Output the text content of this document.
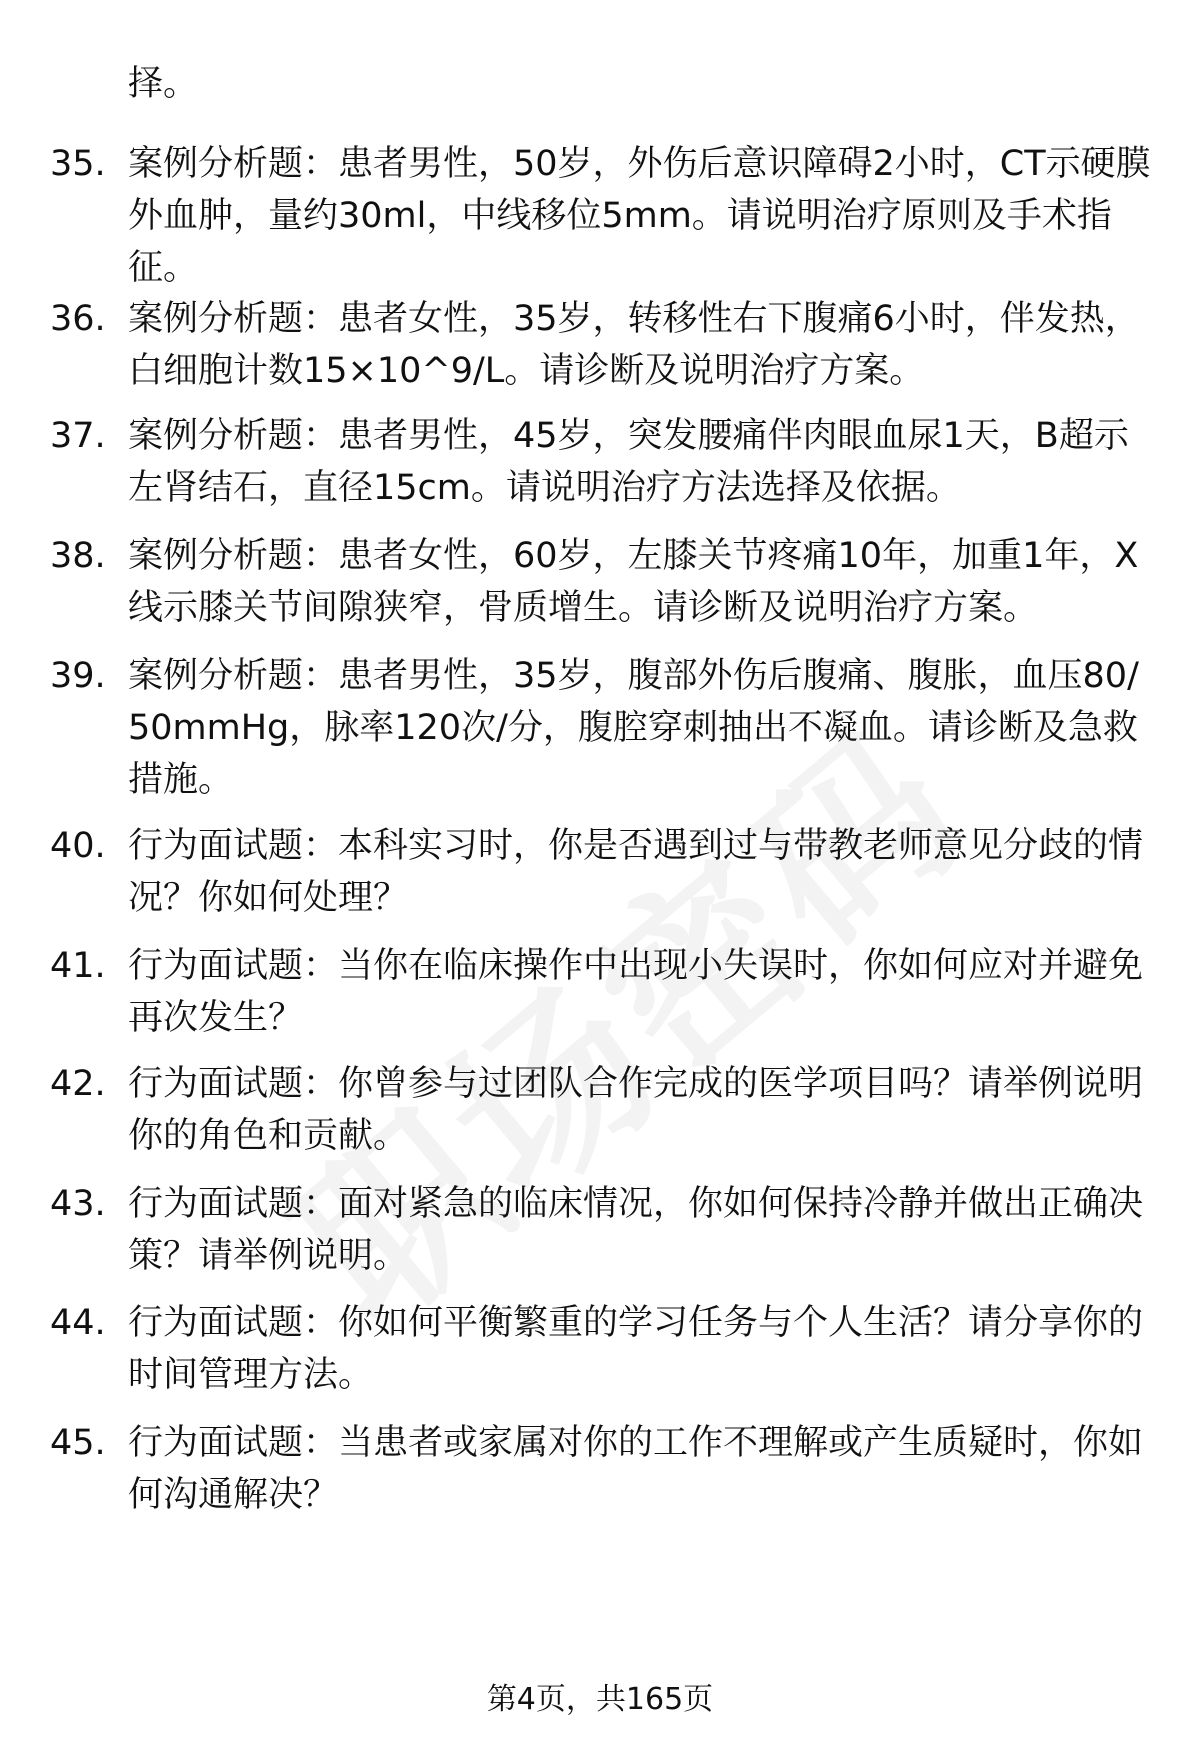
择。

35. 案例分析题：患者男性，50岁，外伤后意识障碍2小时，CT示硬膜外血肿，量约30ml，中线移位5mm。请说明治疗原则及手术指征。

36. 案例分析题：患者女性，35岁，转移性右下腹痛6小时，伴发热，白细胞计数15×10^9/L。请诊断及说明治疗方案。

37. 案例分析题：患者男性，45岁，突发腰痛伴肉眼血尿1天，B超示左肾结石，直径15cm。请说明治疗方法选择及依据。

38. 案例分析题：患者女性，60岁，左膝关节疼痛10年，加重1年，X线示膝关节间隙狭窄，骨质增生。请诊断及说明治疗方案。

39. 案例分析题：患者男性，35岁，腹部外伤后腹痛、腹胀，血压80/50mmHg，脉率120次/分，腹腔穿刺抽出不凝血。请诊断及急救措施。

40. 行为面试题：本科实习时，你是否遇到过与带教老师意见分歧的情况？你如何处理？

41. 行为面试题：当你在临床操作中出现小失误时，你如何应对并避免再次发生？

42. 行为面试题：你曾参与过团队合作完成的医学项目吗？请举例说明你的角色和贡献。

43. 行为面试题：面对紧急的临床情况，你如何保持冷静并做出正确决策？请举例说明。

44. 行为面试题：你如何平衡繁重的学习任务与个人生活？请分享你的时间管理方法。

45. 行为面试题：当患者或家属对你的工作不理解或产生质疑时，你如何沟通解决？

第4页，共165页
